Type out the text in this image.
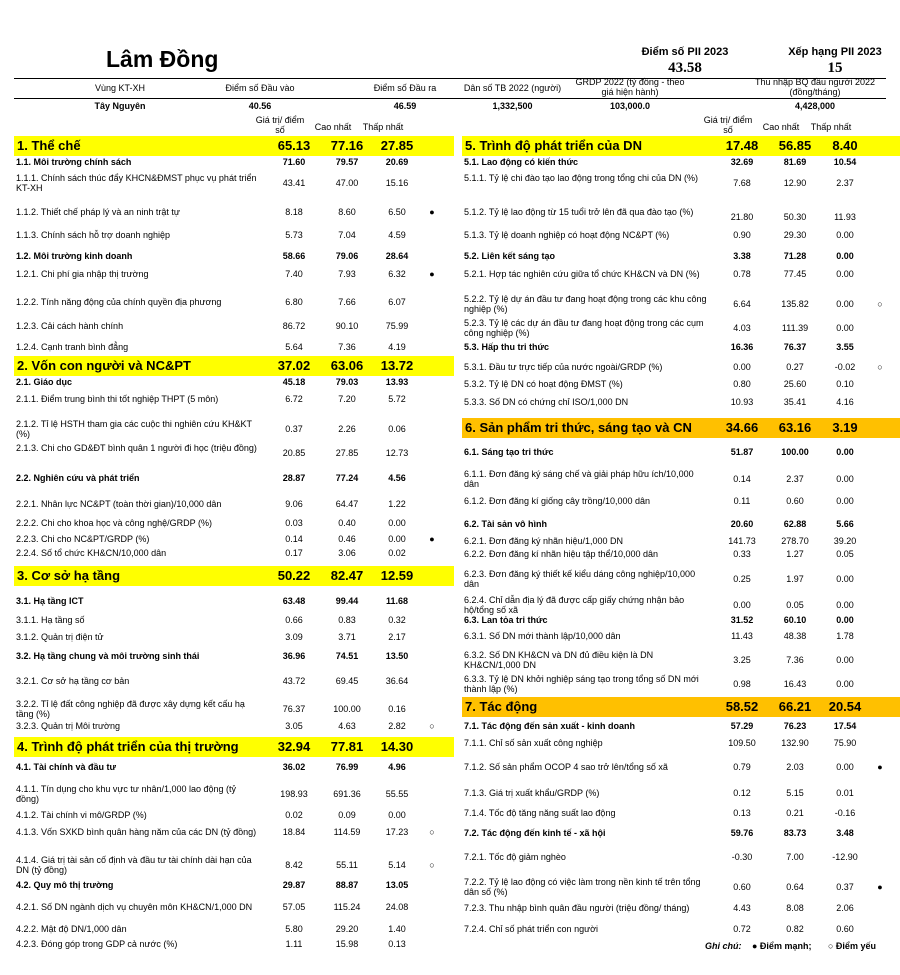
Lâm Đồng	Điểm số PII 2023
43.58
Xếp hạng PII 2023
15
Vùng KT-XH	Điểm số Đầu vào	Điểm số Đầu ra	Dân số TB 2022 (người)
GRDP 2022 (tỷ đồng - theo giá hiện hành)
Thu nhập BQ đầu người 2022 (đồng/tháng)
Tây Nguyên	40.56	46.59	1,332,500	103,000.0	4,428,000
Giá trị/ điểm số	Cao nhất	Thấp nhất
Giá trị/ điểm số	Cao nhất	Thấp nhất
1. Thể chế	65.13	77.16	27.85
1.1. Môi trường chính sách	71.60	79.57	20.69
1.1.1. Chính sách thúc đẩy KHCN&ĐMST phục vụ phát triển KT-XH	43.41	47.00	15.16
1.1.2. Thiết chế pháp lý và an ninh trật tự	8.18	8.60	6.50	●
1.1.3. Chính sách hỗ trợ doanh nghiệp	5.73	7.04	4.59
1.2. Môi trường kinh doanh	58.66	79.06	28.64
1.2.1. Chi phí gia nhập thị trường	7.40	7.93	6.32	●
1.2.2. Tính năng động của chính quyền địa phương	6.80	7.66	6.07
1.2.3. Cải cách hành chính	86.72	90.10	75.99
1.2.4. Cạnh tranh bình đẳng	5.64	7.36	4.19
2. Vốn con người và NC&PT	37.02	63.06	13.72
2.1. Giáo dục	45.18	79.03	13.93
2.1.1. Điểm trung bình thi tốt nghiệp THPT (5 môn)	6.72	7.20	5.72
2.1.2. Tỉ lệ HSTH tham gia các cuộc thi nghiên cứu KH&KT (%)	0.37	2.26	0.06
2.1.3. Chi cho GD&ĐT bình quân 1 người đi học (triệu đồng)	20.85	27.85	12.73
2.2. Nghiên cứu và phát triển	28.87	77.24	4.56
2.2.1. Nhân lực NC&PT (toàn thời gian)/10,000 dân	9.06	64.47	1.22
2.2.2. Chi cho khoa học và công nghệ/GRDP (%)	0.03	0.40	0.00
2.2.3. Chi cho NC&PT/GRDP (%)	0.14	0.46	0.00	●
2.2.4. Số tổ chức KH&CN/10,000 dân	0.17	3.06	0.02
3. Cơ sở hạ tầng	50.22	82.47	12.59
3.1. Hạ tầng ICT	63.48	99.44	11.68
3.1.1. Hạ tầng số	0.66	0.83	0.32
3.1.2. Quản trị điện tử	3.09	3.71	2.17
3.2. Hạ tầng chung và môi trường sinh thái	36.96	74.51	13.50
3.2.1. Cơ sở hạ tầng cơ bản	43.72	69.45	36.64
3.2.2. Tỉ lệ đất công nghiệp đã được xây dựng kết cấu hạ tầng (%)	76.37	100.00	0.16
3.2.3. Quản trị Môi trường	3.05	4.63	2.82	○
4. Trình độ phát triển của thị trường	32.94	77.81	14.30
4.1. Tài chính và đầu tư	36.02	76.99	4.96
4.1.1. Tín dụng cho khu vực tư nhân/1,000 lao động (tỷ đồng)	198.93	691.36	55.55
4.1.2. Tài chính vi mô/GRDP (%)	0.02	0.09	0.00
4.1.3. Vốn SXKD bình quân hàng năm của các DN (tỷ đồng)	18.84	114.59	17.23	○
4.1.4. Giá trị tài sản cố định và đầu tư tài chính dài hạn của DN (tỷ đồng)	8.42	55.11	5.14	○
4.2. Quy mô thị trường	29.87	88.87	13.05
4.2.1. Số DN ngành dịch vụ chuyên môn KH&CN/1,000 DN	57.05	115.24	24.08
4.2.2. Mật độ DN/1,000 dân	5.80	29.20	1.40
4.2.3. Đóng góp trong GDP cả nước (%)	1.11	15.98	0.13
5. Trình độ phát triển của DN	17.48	56.85	8.40
5.1. Lao động có kiến thức	32.69	81.69	10.54
5.1.1. Tỷ lệ chi đào tạo lao động trong tổng chi của DN (%)	7.68	12.90	2.37
5.1.2. Tỷ lệ lao động từ 15 tuổi trở lên đã qua đào tạo (%)	21.80	50.30	11.93
5.1.3. Tỷ lệ doanh nghiệp có hoạt động NC&PT (%)	0.90	29.30	0.00
5.2. Liên kết sáng tạo	3.38	71.28	0.00
5.2.1. Hợp tác nghiên cứu giữa tổ chức KH&CN và DN (%)	0.78	77.45	0.00
5.2.2. Tỷ lệ dự án đầu tư đang hoạt động trong các khu công nghiệp (%)	6.64	135.82	0.00	○
5.2.3. Tỷ lệ các dự án đầu tư đang hoạt động trong các cụm công nghiệp (%)	4.03	111.39	0.00
5.3. Hấp thu tri thức	16.36	76.37	3.55
5.3.1. Đầu tư trực tiếp của nước ngoài/GRDP (%)	0.00	0.27	-0.02	○
5.3.2. Tỷ lệ DN có hoạt động ĐMST (%)	0.80	25.60	0.10
5.3.3. Số DN có chứng chỉ ISO/1,000 DN	10.93	35.41	4.16
6. Sản phẩm tri thức, sáng tạo và CN	34.66	63.16	3.19
6.1. Sáng tạo tri thức	51.87	100.00	0.00
6.1.1. Đơn đăng ký sáng chế và giải pháp hữu ích/10,000 dân	0.14	2.37	0.00
6.1.2. Đơn đăng kí giống cây trồng/10,000 dân	0.11	0.60	0.00
6.2. Tài sản vô hình	20.60	62.88	5.66
6.2.1. Đơn đăng ký nhãn hiệu/1,000 DN	141.73	278.70	39.20
6.2.2. Đơn đăng kí nhãn hiệu tập thể/10,000 dân	0.33	1.27	0.05
6.2.3. Đơn đăng ký thiết kế kiểu dáng công nghiệp/10,000 dân	0.25	1.97	0.00
6.2.4. Chỉ dẫn địa lý đã được cấp giấy chứng nhận bảo hộ/tổng số xã	0.00	0.05	0.00
6.3. Lan tỏa tri thức	31.52	60.10	0.00
6.3.1. Số DN mới thành lập/10,000 dân	11.43	48.38	1.78
6.3.2. Số DN KH&CN và DN đủ điều kiện là DN KH&CN/1,000 DN	3.25	7.36	0.00
6.3.3. Tỷ lệ DN khởi nghiệp sáng tạo trong tổng số DN mới thành lập (%)	0.98	16.43	0.00
7. Tác động	58.52	66.21	20.54
7.1. Tác động đến sản xuất - kinh doanh	57.29	76.23	17.54
7.1.1. Chỉ số sản xuất công nghiệp	109.50	132.90	75.90
7.1.2. Số sản phẩm OCOP 4 sao trở lên/tổng số xã	0.79	2.03	0.00	●
7.1.3. Giá trị xuất khẩu/GRDP (%)	0.12	5.15	0.01
7.1.4. Tốc độ tăng năng suất lao động	0.13	0.21	-0.16
7.2. Tác động đến kinh tế - xã hội	59.76	83.73	3.48
7.2.1. Tốc độ giảm nghèo	-0.30	7.00	-12.90
7.2.2. Tỷ lệ lao động có việc làm trong nền kinh tế trên tổng dân số (%)	0.60	0.64	0.37	●
7.2.3. Thu nhập bình quân đầu người (triệu đồng/ tháng)	4.43	8.08	2.06
7.2.4. Chỉ số phát triển con người	0.72	0.82	0.60
Ghi chú: ● Điểm mạnh; ○ Điểm yếu
